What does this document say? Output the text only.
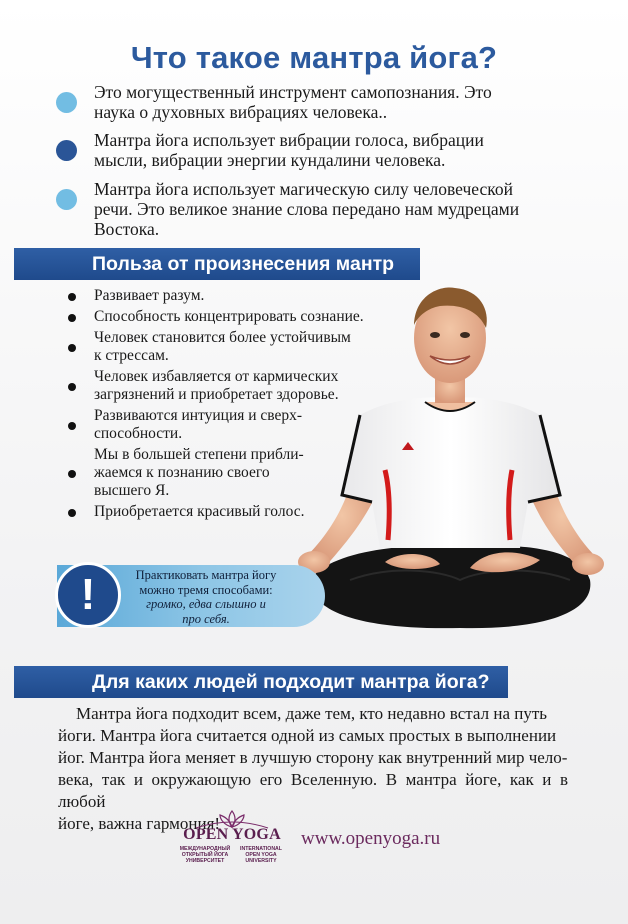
Что такое мантра йога?
Это могущественный инструмент самопознания. Это
наука о духовных вибрациях человека..
Мантра йога использует вибрации голоса, вибрации
мысли, вибрации энергии кундалини человека.
Мантра йога использует магическую силу человеческой
речи. Это великое знание слова передано нам мудрецами
Востока.
Польза от произнесения мантр
Развивает разум.
Способность концентрировать сознание.
Человек становится более устойчивым
к стрессам.
Человек избавляется от кармических
загрязнений и приобретает здоровье.
Развиваются интуиция и сверх-
способности.
Мы в большей степени прибли-
жаемся к познанию своего
высшего Я.
Приобретается красивый голос.
!	Практиковать мантра йогу
можно тремя способами:
громко, едва слышно и
про себя.
Для каких людей подходит мантра йога?
Мантра йога подходит всем, даже тем, кто недавно встал на путь
йоги. Мантра йога считается одной из самых простых в выполнении
йог. Мантра йога меняет в лучшую сторону как внутренний мир чело-
века, так и окружающую его Вселенную. В мантра йоге, как и в любой
йоге, важна гармония!
OPEN YOGA
МЕЖДУНАРОДНЫЙ
ОТКРЫТЫЙ ЙОГА
УНИВЕРСИТЕТ
INTERNATIONAL
OPEN YOGA
UNIVERSITY
www.openyoga.ru
